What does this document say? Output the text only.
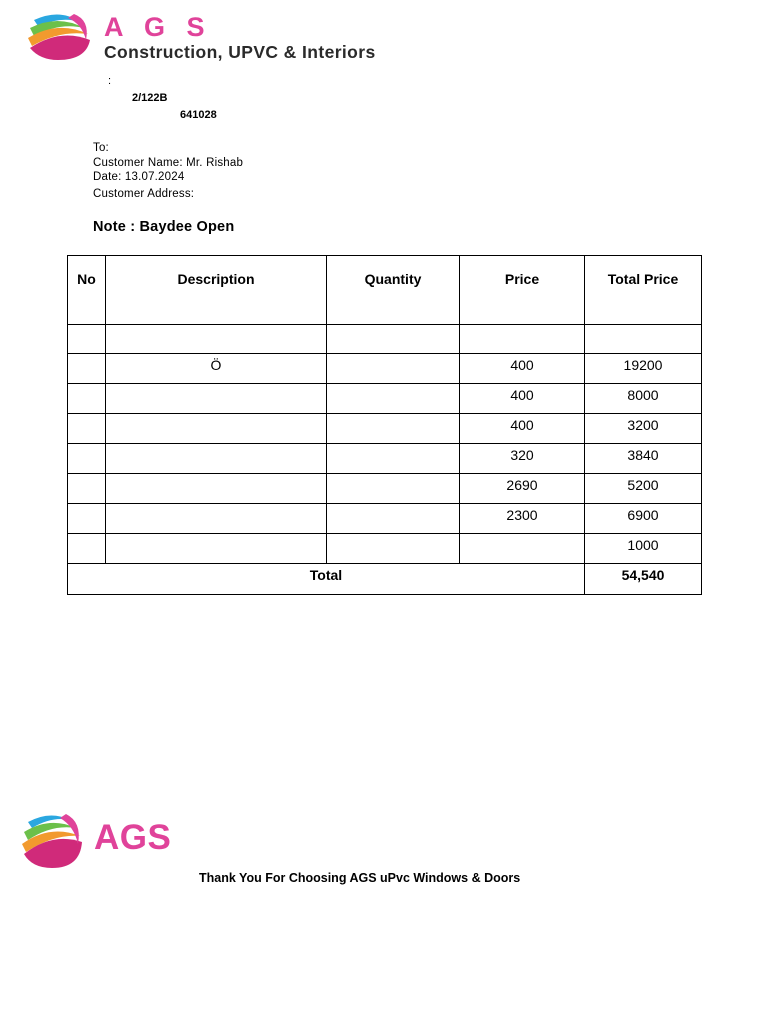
A G S
Construction, UPVC & Interiors
:
2/122B
641028
To:
Customer Name: Mr. Rishab
Date: 13.07.2024
Customer Address:
Note : Baydee Open
No	Description	Quantity	Price	Total Price

	Ö		400	19200
			400	8000
			400	3200
			320	3840
			2690	5200
			2300	6900
				1000
Total				54,540
AGS
Thank You For Choosing AGS uPvc Windows & Doors
